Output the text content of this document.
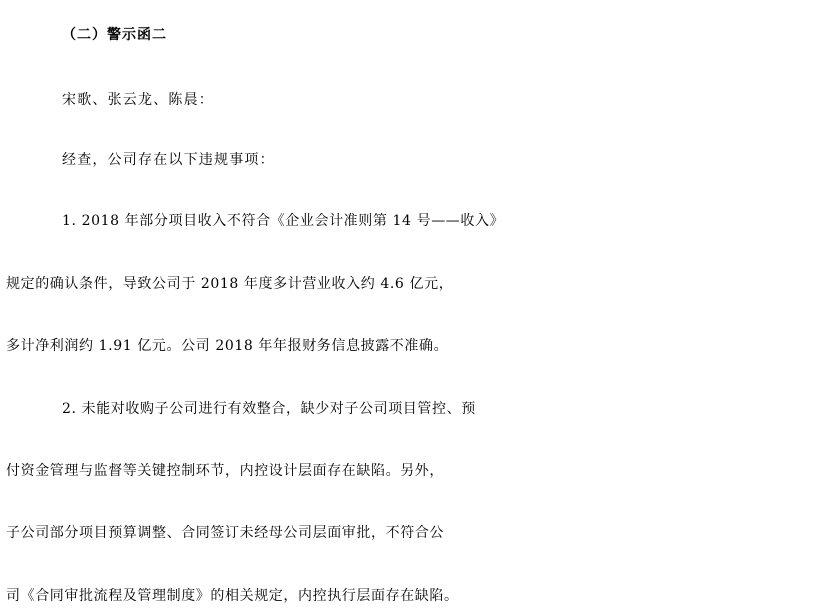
（二）警示函二
宋歌、张云龙、陈晨：
经查，公司存在以下违规事项：
1. 2018 年部分项目收入不符合《企业会计准则第 14 号——收入》
规定的确认条件，导致公司于 2018 年度多计营业收入约 4.6 亿元，
多计净利润约 1.91 亿元。公司 2018 年年报财务信息披露不准确。
2. 未能对收购子公司进行有效整合，缺少对子公司项目管控、预
付资金管理与监督等关键控制环节，内控设计层面存在缺陷。另外，
子公司部分项目预算调整、合同签订未经母公司层面审批，不符合公
司《合同审批流程及管理制度》的相关规定，内控执行层面存在缺陷。
